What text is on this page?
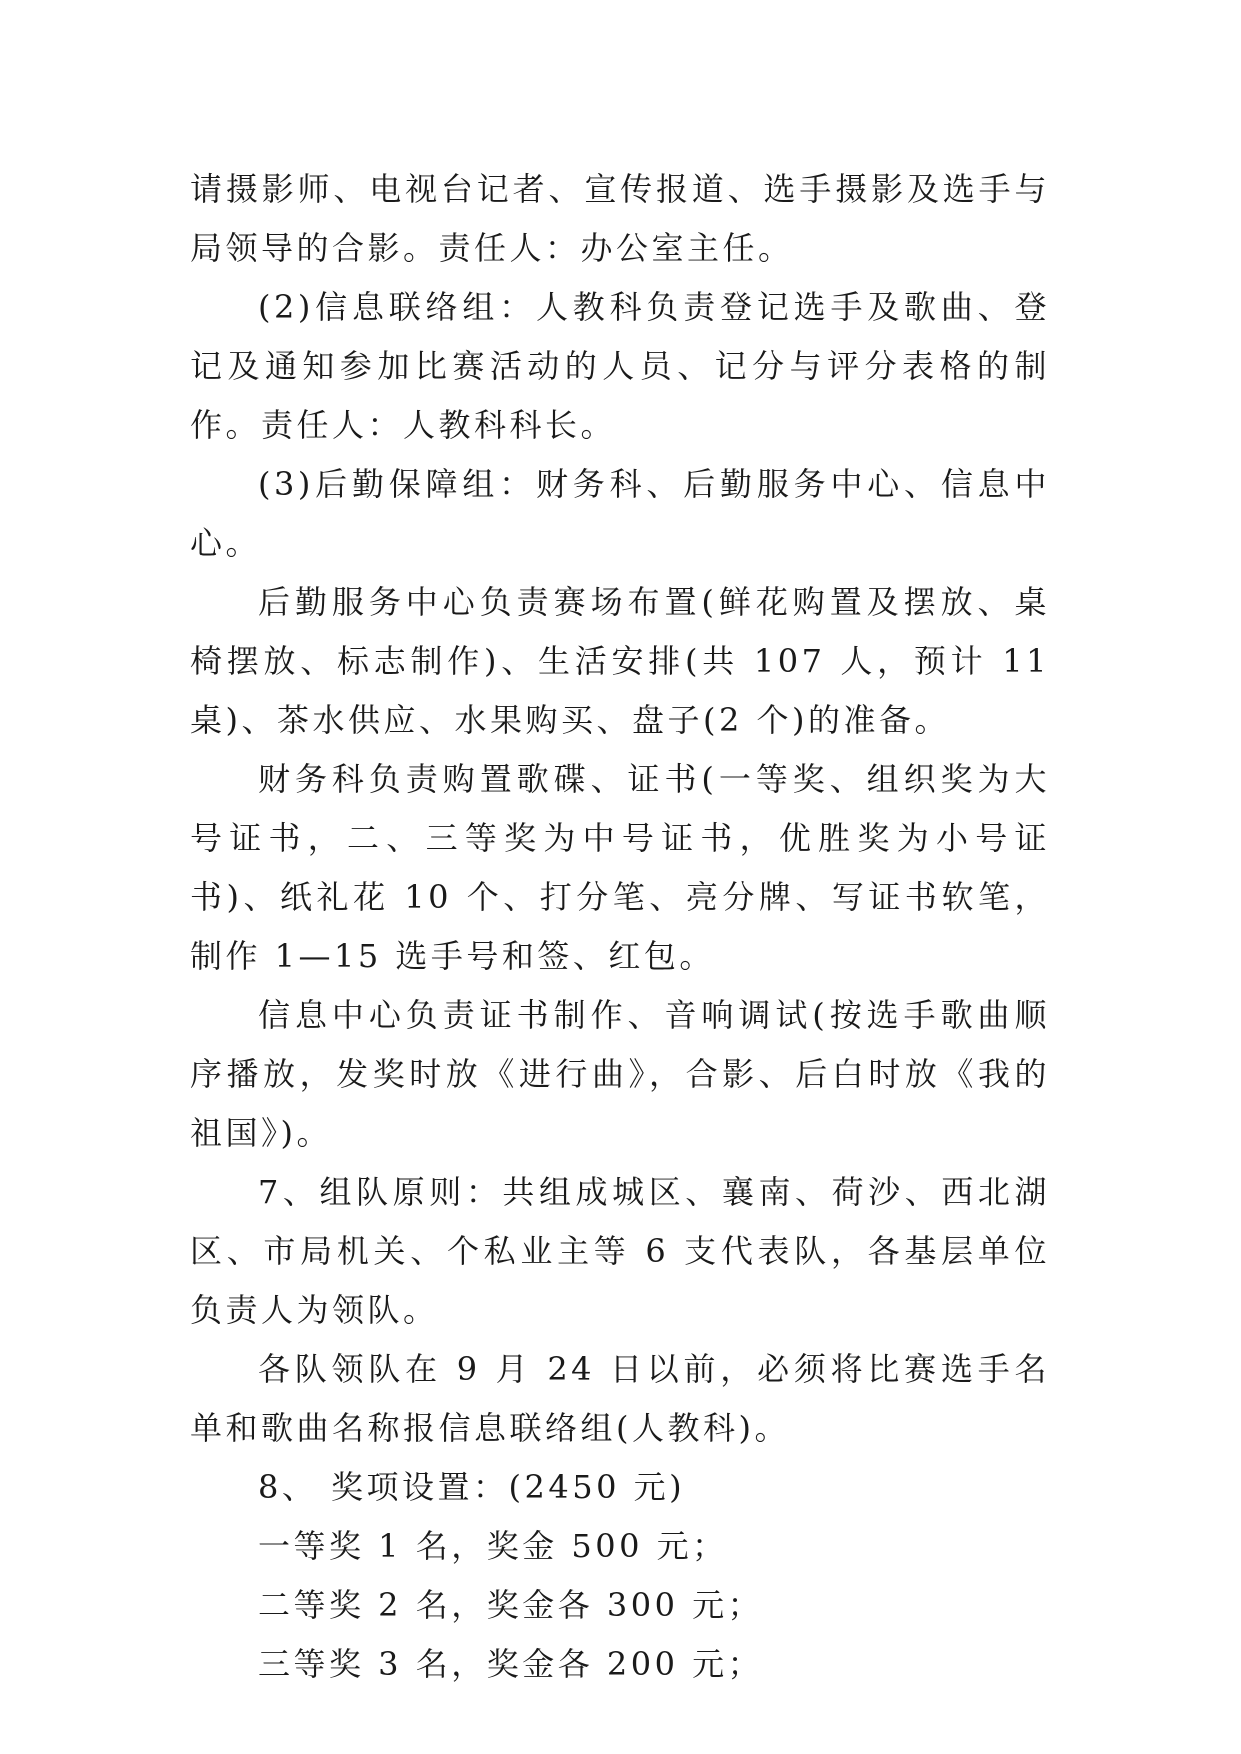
请摄影师、电视台记者、宣传报道、选手摄影及选手与局领导的合影。责任人：办公室主任。

(2)信息联络组：人教科负责登记选手及歌曲、登记及通知参加比赛活动的人员、记分与评分表格的制作。责任人：人教科科长。

(3)后勤保障组：财务科、后勤服务中心、信息中心。

后勤服务中心负责赛场布置(鲜花购置及摆放、桌椅摆放、标志制作)、生活安排(共 107 人，预计 11 桌)、茶水供应、水果购买、盘子(2 个)的准备。

财务科负责购置歌碟、证书(一等奖、组织奖为大号证书，二、三等奖为中号证书，优胜奖为小号证书)、纸礼花 10 个、打分笔、亮分牌、写证书软笔，制作 1—15 选手号和签、红包。

信息中心负责证书制作、音响调试(按选手歌曲顺序播放，发奖时放《进行曲》，合影、后白时放《我的祖国》)。

7、组队原则：共组成城区、襄南、荷沙、西北湖区、市局机关、个私业主等 6 支代表队，各基层单位负责人为领队。

各队领队在 9 月 24 日以前，必须将比赛选手名单和歌曲名称报信息联络组(人教科)。

8、 奖项设置：(2450 元)

一等奖 1 名，奖金 500 元；

二等奖 2 名，奖金各 300 元；

三等奖 3 名，奖金各 200 元；
